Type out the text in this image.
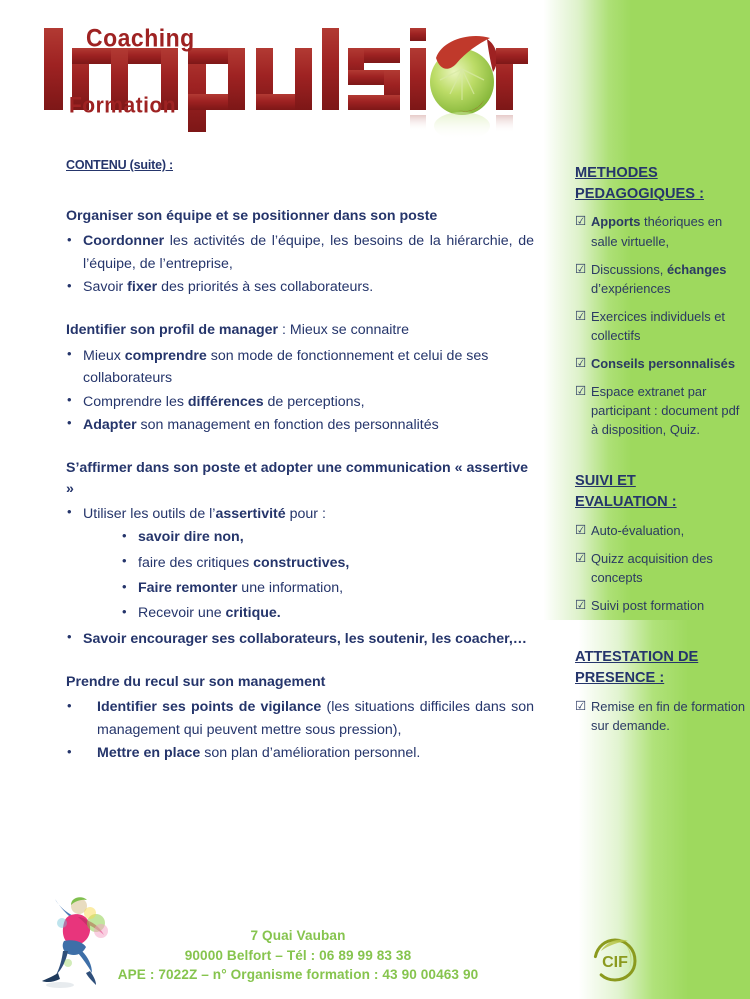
Coaching
Formation
CONTENU (suite) :

Organiser son équipe et se positionner dans son poste

• Coordonner les activités de l’équipe, les besoins de la hiérarchie, de l’équipe, de l’entreprise,
• Savoir fixer des priorités à ses collaborateurs.

Identifier son profil de manager : Mieux se connaitre

• Mieux comprendre son mode de fonctionnement et celui de ses collaborateurs
• Comprendre les différences de perceptions,
• Adapter son management en fonction des personnalités

S’affirmer dans son poste et adopter une communication « assertive »

• Utiliser les outils de l’assertivité pour :
• savoir dire non,
• faire des critiques constructives,
• Faire remonter une information,
• Recevoir une critique.
• Savoir encourager ses collaborateurs, les soutenir, les coacher,…

Prendre du recul sur son management

• Identifier ses points de vigilance (les situations difficiles dans son management qui peuvent mettre sous pression),
• Mettre en place son plan d’amélioration personnel.
METHODES
PEDAGOGIQUES :
☑ Apports théoriques en salle virtuelle,
☑ Discussions, échanges d’expériences
☑ Exercices individuels et collectifs
☑ Conseils personnalisés
☑ Espace extranet par participant : document pdf à disposition, Quiz.
SUIVI ET
EVALUATION :
☑ Auto-évaluation,
☑ Quizz acquisition des concepts
☑ Suivi post formation
ATTESTATION DE
PRESENCE :
☑ Remise en fin de formation sur demande.
CIF
7 Quai Vauban
90000 Belfort – Tél : 06 89 99 83 38
APE : 7022Z – n° Organisme formation : 43 90 00463 90
